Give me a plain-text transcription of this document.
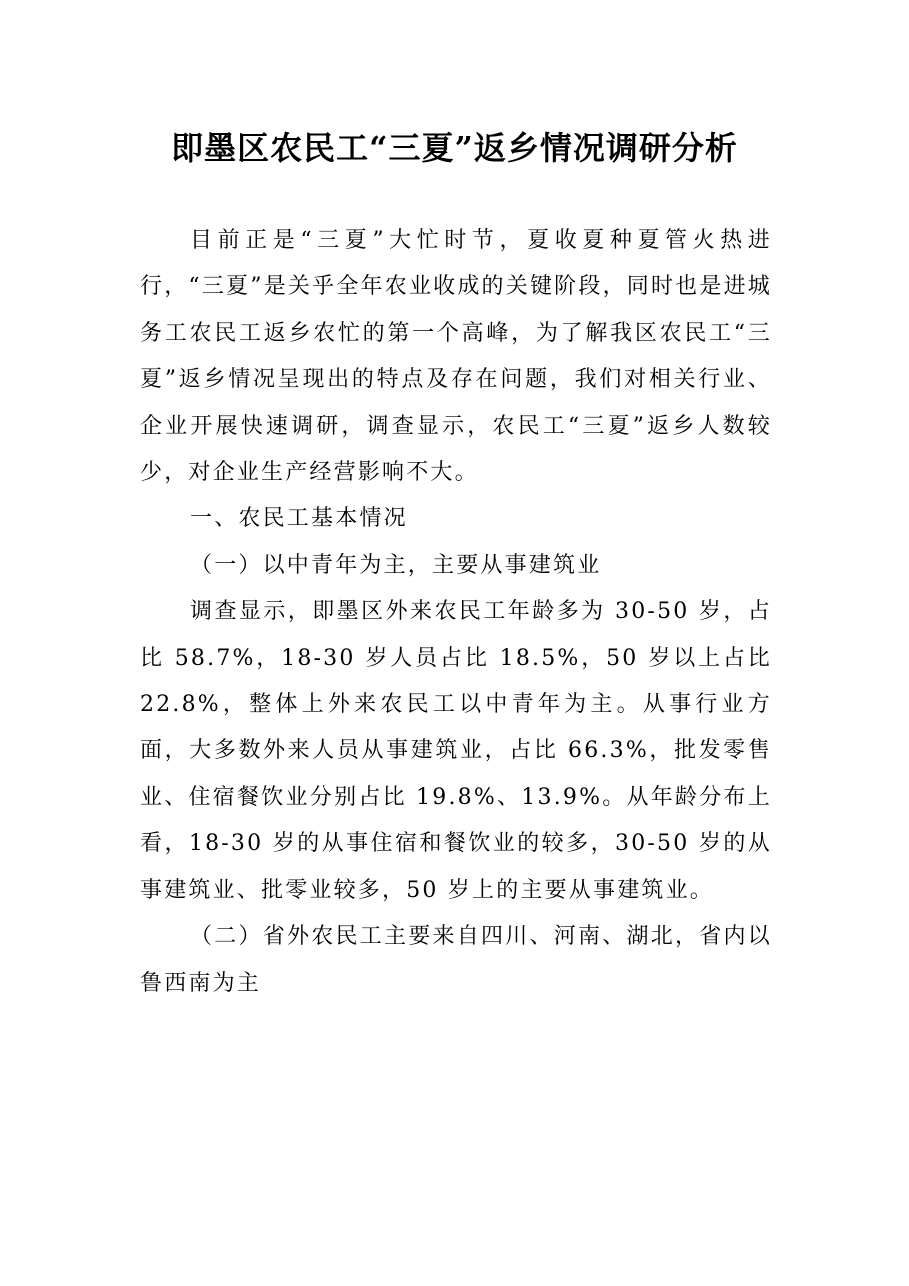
即墨区农民工“三夏”返乡情况调研分析

目前正是“三夏”大忙时节，夏收夏种夏管火热进行，“三夏”是关乎全年农业收成的关键阶段，同时也是进城务工农民工返乡农忙的第一个高峰，为了解我区农民工“三夏”返乡情况呈现出的特点及存在问题，我们对相关行业、企业开展快速调研，调查显示，农民工“三夏”返乡人数较少，对企业生产经营影响不大。

一、农民工基本情况

（一）以中青年为主，主要从事建筑业

调查显示，即墨区外来农民工年龄多为 30-50 岁，占比 58.7%，18-30 岁人员占比 18.5%，50 岁以上占比 22.8%，整体上外来农民工以中青年为主。从事行业方面，大多数外来人员从事建筑业，占比 66.3%，批发零售业、住宿餐饮业分别占比 19.8%、13.9%。从年龄分布上看，18-30 岁的从事住宿和餐饮业的较多，30-50 岁的从事建筑业、批零业较多，50 岁上的主要从事建筑业。

（二）省外农民工主要来自四川、河南、湖北，省内以鲁西南为主
